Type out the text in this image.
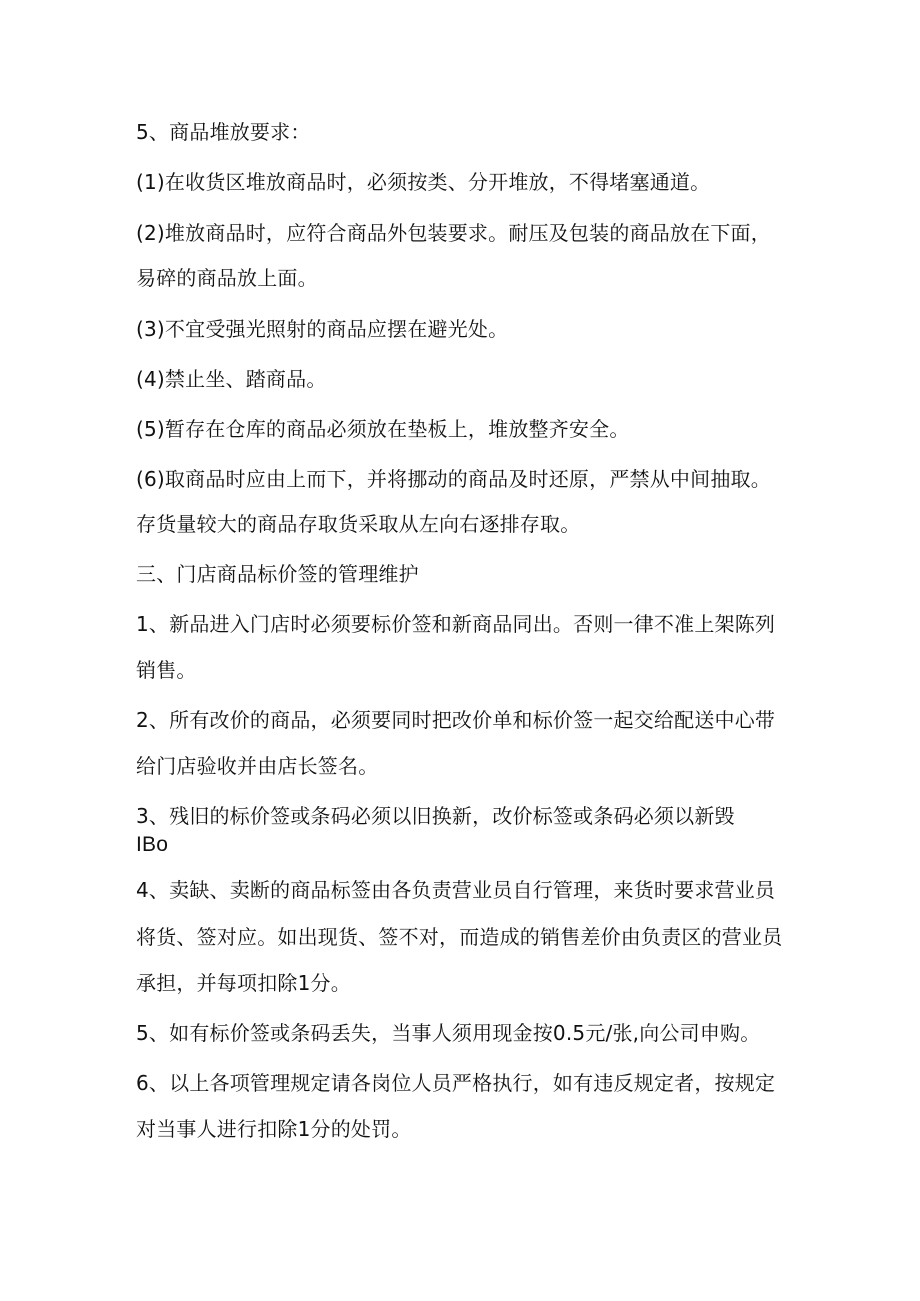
5、商品堆放要求：
(1)在收货区堆放商品时，必须按类、分开堆放，不得堵塞通道。
(2)堆放商品时，应符合商品外包装要求。耐压及包装的商品放在下面，
易碎的商品放上面。
(3)不宜受强光照射的商品应摆在避光处。
(4)禁止坐、踏商品。
(5)暂存在仓库的商品必须放在垫板上，堆放整齐安全。
(6)取商品时应由上而下，并将挪动的商品及时还原，严禁从中间抽取。
存货量较大的商品存取货采取从左向右逐排存取。
三、门店商品标价签的管理维护
1、新品进入门店时必须要标价签和新商品同出。否则一律不准上架陈列
销售。
2、所有改价的商品，必须要同时把改价单和标价签一起交给配送中心带
给门店验收并由店长签名。
3、残旧的标价签或条码必须以旧换新，改价标签或条码必须以新毁
IBo
4、卖缺、卖断的商品标签由各负责营业员自行管理，来货时要求营业员
将货、签对应。如出现货、签不对，而造成的销售差价由负责区的营业员
承担，并每项扣除1分。
5、如有标价签或条码丢失，当事人须用现金按0.5元/张,向公司申购。
6、以上各项管理规定请各岗位人员严格执行，如有违反规定者，按规定
对当事人进行扣除1分的处罚。
